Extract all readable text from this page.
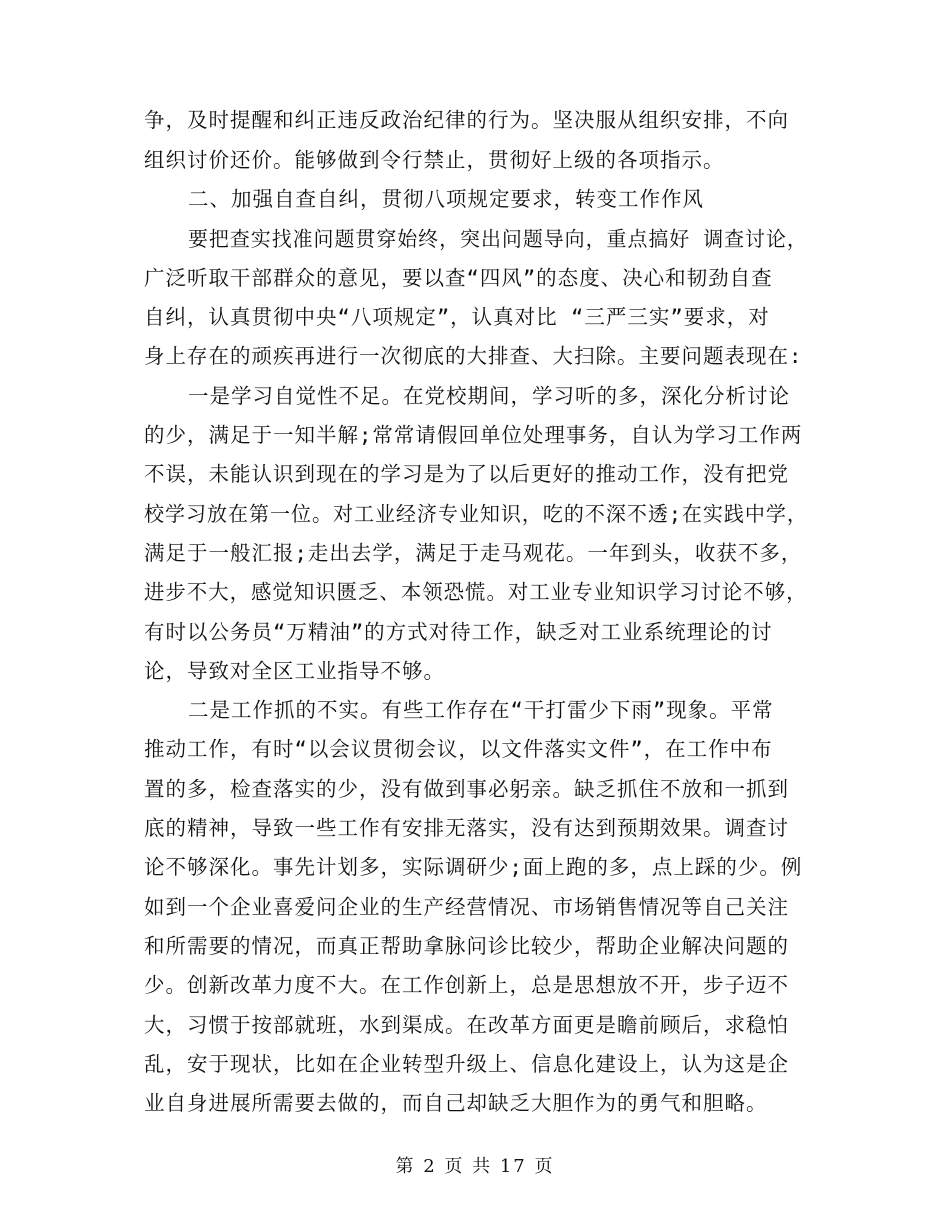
争，及时提醒和纠正违反政治纪律的行为。坚决服从组织安排，不向
组织讨价还价。能够做到令行禁止，贯彻好上级的各项指示。
二、加强自查自纠，贯彻八项规定要求，转变工作作风
要把查实找准问题贯穿始终，突出问题导向，重点搞好 调查讨论，
广泛听取干部群众的意见，要以查“四风”的态度、决心和韧劲自查
自纠，认真贯彻中央“八项规定”，认真对比 “三严三实”要求，对
身上存在的顽疾再进行一次彻底的大排查、大扫除。主要问题表现在:
一是学习自觉性不足。在党校期间，学习听的多，深化分析讨论
的少，满足于一知半解;常常请假回单位处理事务，自认为学习工作两
不误，未能认识到现在的学习是为了以后更好的推动工作，没有把党
校学习放在第一位。对工业经济专业知识，吃的不深不透;在实践中学，
满足于一般汇报;走出去学，满足于走马观花。一年到头，收获不多，
进步不大，感觉知识匮乏、本领恐慌。对工业专业知识学习讨论不够，
有时以公务员“万精油”的方式对待工作，缺乏对工业系统理论的讨
论，导致对全区工业指导不够。
二是工作抓的不实。有些工作存在“干打雷少下雨”现象。平常
推动工作，有时“以会议贯彻会议，以文件落实文件”，在工作中布
置的多，检查落实的少，没有做到事必躬亲。缺乏抓住不放和一抓到
底的精神，导致一些工作有安排无落实，没有达到预期效果。调查讨
论不够深化。事先计划多，实际调研少;面上跑的多，点上踩的少。例
如到一个企业喜爱问企业的生产经营情况、市场销售情况等自己关注
和所需要的情况，而真正帮助拿脉问诊比较少，帮助企业解决问题的
少。创新改革力度不大。在工作创新上，总是思想放不开，步子迈不
大，习惯于按部就班，水到渠成。在改革方面更是瞻前顾后，求稳怕
乱，安于现状，比如在企业转型升级上、信息化建设上，认为这是企
业自身进展所需要去做的，而自己却缺乏大胆作为的勇气和胆略。
第 2 页 共 17 页
